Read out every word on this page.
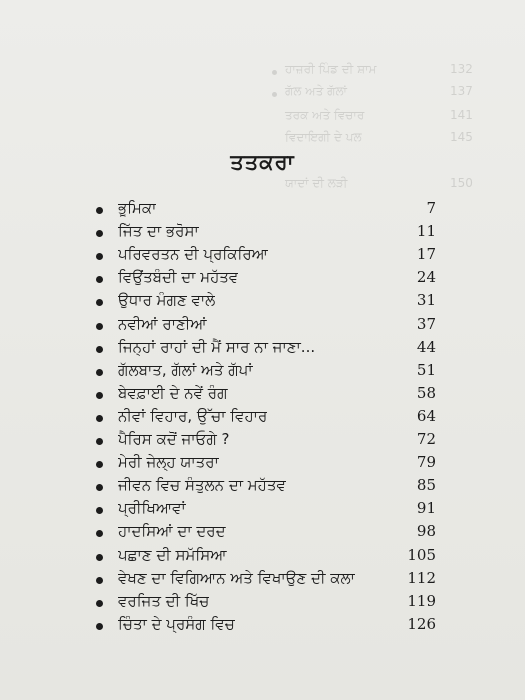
ਹਾਜ਼ਰੀ ਪਿੰਡ ਦੀ ਸ਼ਾਮ	132
ਗੱਲ ਅਤੇ ਗੱਲਾਂ	137
ਤਰਕ ਅਤੇ ਵਿਚਾਰ	141
ਵਿਦਾਇਗੀ ਦੇ ਪਲ	145
ਯਾਦਾਂ ਦੀ ਲੜੀ	150
ਤਤਕਰਾ
ਭੂਮਿਕਾ	7
ਜਿੱਤ ਦਾ ਭਰੋਸਾ	11
ਪਰਿਵਰਤਨ ਦੀ ਪ੍ਰਕਿਰਿਆ	17
ਵਿਉਂਤਬੰਦੀ ਦਾ ਮਹੱਤਵ	24
ਉਧਾਰ ਮੰਗਣ ਵਾਲੇ	31
ਨਵੀਆਂ ਰਾਣੀਆਂ	37
ਜਿਨ੍ਹਾਂ ਰਾਹਾਂ ਦੀ ਮੈਂ ਸਾਰ ਨਾ ਜਾਣਾ...	44
ਗੱਲਬਾਤ, ਗੱਲਾਂ ਅਤੇ ਗੱਪਾਂ	51
ਬੇਵਫ਼ਾਈ ਦੇ ਨਵੇਂ ਰੰਗ	58
ਨੀਵਾਂ ਵਿਹਾਰ, ਉੱਚਾ ਵਿਹਾਰ	64
ਪੈਰਿਸ ਕਦੋਂ ਜਾਓਗੇ ?	72
ਮੇਰੀ ਜੇਲ੍ਹ ਯਾਤਰਾ	79
ਜੀਵਨ ਵਿਚ ਸੰਤੁਲਨ ਦਾ ਮਹੱਤਵ	85
ਪ੍ਰੀਖਿਆਵਾਂ	91
ਹਾਦਸਿਆਂ ਦਾ ਦਰਦ	98
ਪਛਾਣ ਦੀ ਸਮੱਸਿਆ	105
ਵੇਖਣ ਦਾ ਵਿਗਿਆਨ ਅਤੇ ਵਿਖਾਉਣ ਦੀ ਕਲਾ	112
ਵਰਜਿਤ ਦੀ ਖਿੱਚ	119
ਚਿੰਤਾ ਦੇ ਪ੍ਰਸੰਗ ਵਿਚ	126
